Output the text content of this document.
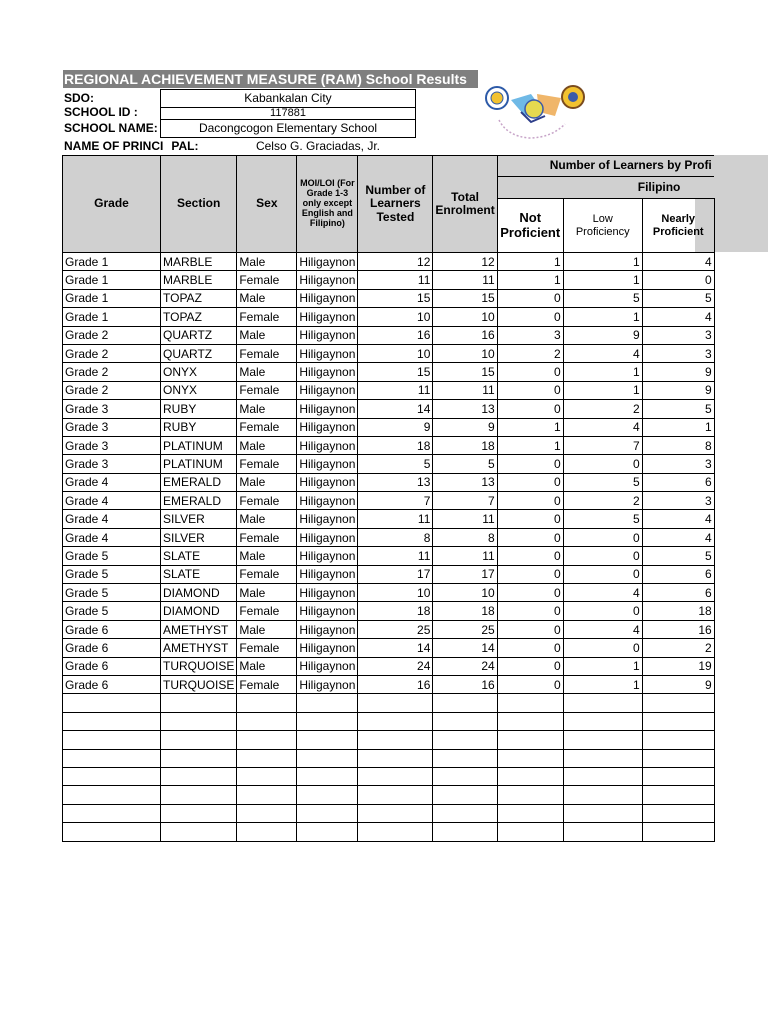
REGIONAL ACHIEVEMENT MEASURE (RAM) School Results
SDO:	Kabankalan City
SCHOOL ID :	117881
SCHOOL NAME:	Dacongcogon Elementary School
NAME OF PRINCI PAL:	Celso G. Graciadas, Jr.
Grade	Section	Sex	MOI/LOI (For Grade 1-3 only except English and Filipino)	Number of Learners Tested	Total Enrolment	Number of Learners by Profi		
						Filipino		
						Not Proficient	Low Proficiency	Nearly Proficient
Grade 1	MARBLE	Male	Hiligaynon	12	12	1	1	4
Grade 1	MARBLE	Female	Hiligaynon	11	11	1	1	0
Grade 1	TOPAZ	Male	Hiligaynon	15	15	0	5	5
Grade 1	TOPAZ	Female	Hiligaynon	10	10	0	1	4
Grade 2	QUARTZ	Male	Hiligaynon	16	16	3	9	3
Grade 2	QUARTZ	Female	Hiligaynon	10	10	2	4	3
Grade 2	ONYX	Male	Hiligaynon	15	15	0	1	9
Grade 2	ONYX	Female	Hiligaynon	11	11	0	1	9
Grade 3	RUBY	Male	Hiligaynon	14	13	0	2	5
Grade 3	RUBY	Female	Hiligaynon	9	9	1	4	1
Grade 3	PLATINUM	Male	Hiligaynon	18	18	1	7	8
Grade 3	PLATINUM	Female	Hiligaynon	5	5	0	0	3
Grade 4	EMERALD	Male	Hiligaynon	13	13	0	5	6
Grade 4	EMERALD	Female	Hiligaynon	7	7	0	2	3
Grade 4	SILVER	Male	Hiligaynon	11	11	0	5	4
Grade 4	SILVER	Female	Hiligaynon	8	8	0	0	4
Grade 5	SLATE	Male	Hiligaynon	11	11	0	0	5
Grade 5	SLATE	Female	Hiligaynon	17	17	0	0	6
Grade 5	DIAMOND	Male	Hiligaynon	10	10	0	4	6
Grade 5	DIAMOND	Female	Hiligaynon	18	18	0	0	18
Grade 6	AMETHYST	Male	Hiligaynon	25	25	0	4	16
Grade 6	AMETHYST	Female	Hiligaynon	14	14	0	0	2
Grade 6	TURQUOISE	Male	Hiligaynon	24	24	0	1	19
Grade 6	TURQUOISE	Female	Hiligaynon	16	16	0	1	9
